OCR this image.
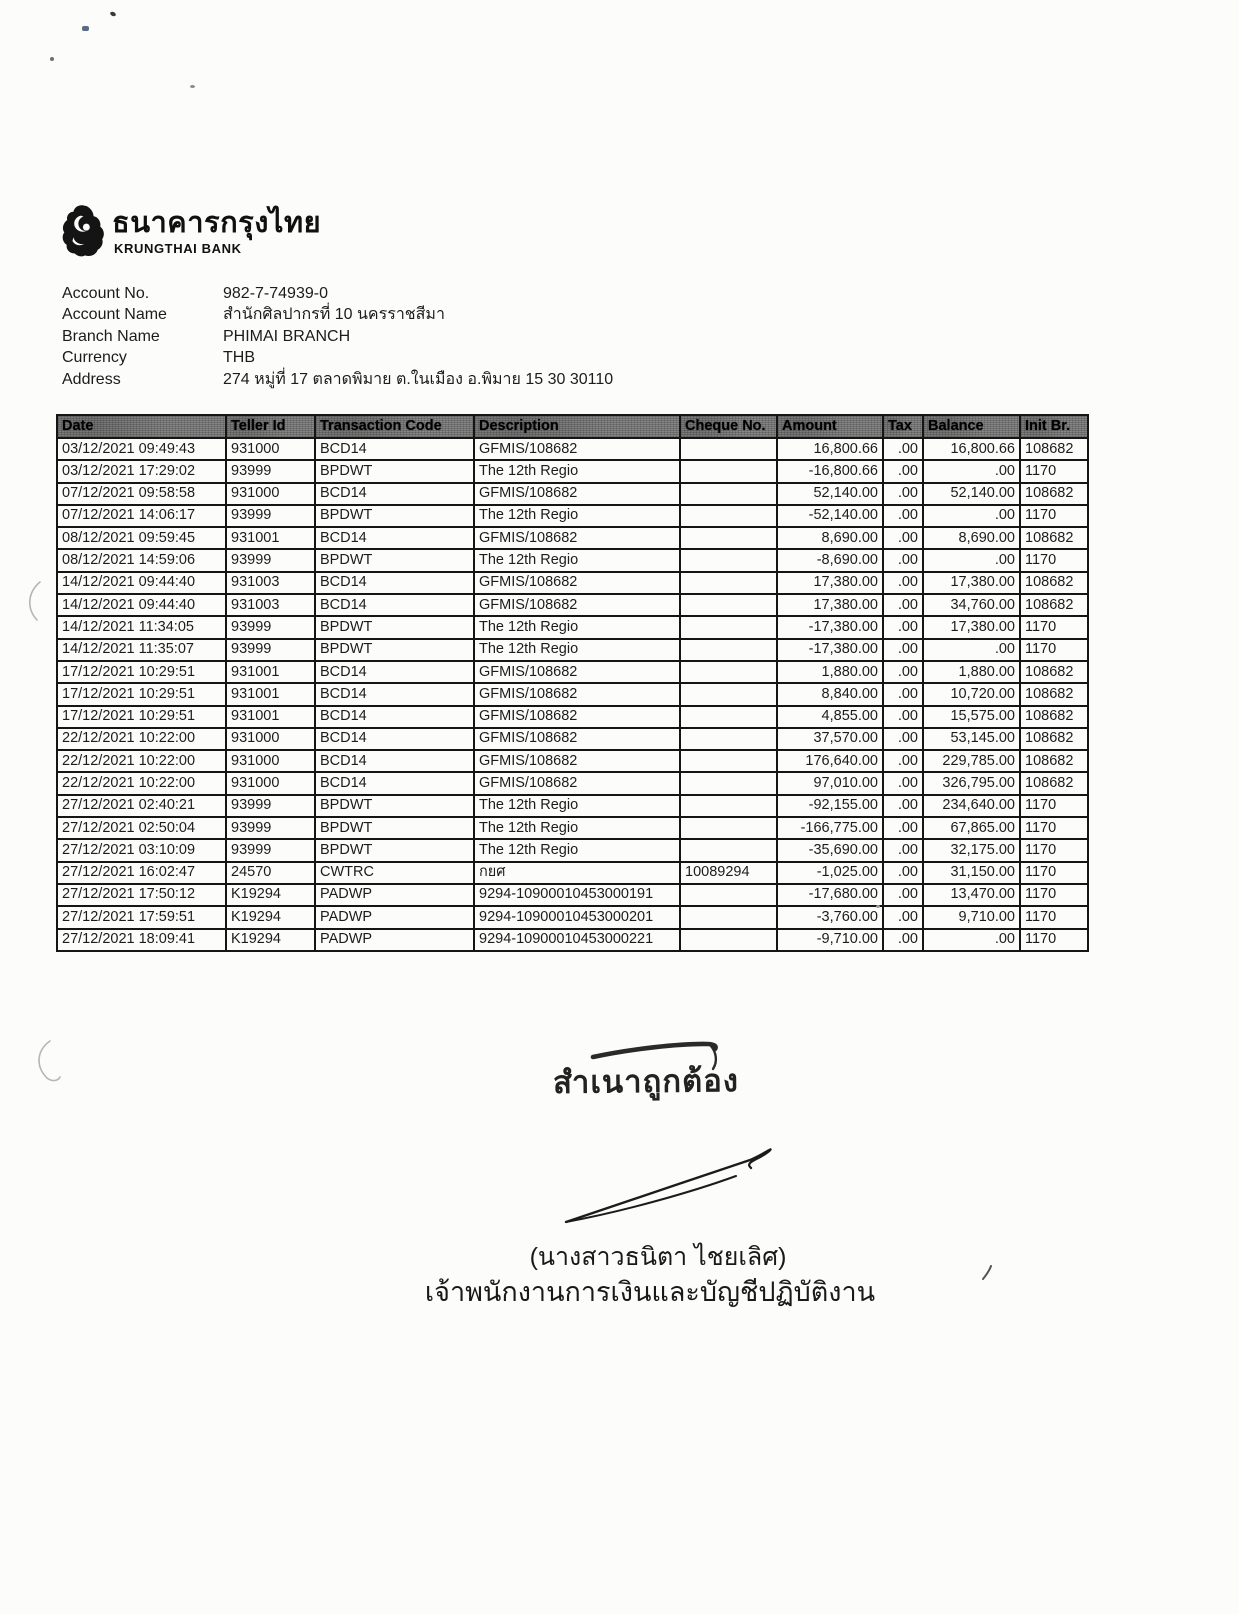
ธนาคารกรุงไทย
KRUNGTHAI BANK
Account No.	982-7-74939-0
Account Name	สำนักศิลปากรที่ 10 นครราชสีมา
Branch Name	PHIMAI BRANCH
Currency	THB
Address	274 หมู่ที่ 17 ตลาดพิมาย ต.ในเมือง อ.พิมาย 15 30 30110
Date	Teller Id	Transaction Code	Description	Cheque No.	Amount	Tax	Balance	Init Br.
03/12/2021 09:49:43	931000	BCD14	GFMIS/108682		16,800.66	.00	16,800.66	108682
03/12/2021 17:29:02	93999	BPDWT	The 12th Regio		-16,800.66	.00	.00	1170
07/12/2021 09:58:58	931000	BCD14	GFMIS/108682		52,140.00	.00	52,140.00	108682
07/12/2021 14:06:17	93999	BPDWT	The 12th Regio		-52,140.00	.00	.00	1170
08/12/2021 09:59:45	931001	BCD14	GFMIS/108682		8,690.00	.00	8,690.00	108682
08/12/2021 14:59:06	93999	BPDWT	The 12th Regio		-8,690.00	.00	.00	1170
14/12/2021 09:44:40	931003	BCD14	GFMIS/108682		17,380.00	.00	17,380.00	108682
14/12/2021 09:44:40	931003	BCD14	GFMIS/108682		17,380.00	.00	34,760.00	108682
14/12/2021 11:34:05	93999	BPDWT	The 12th Regio		-17,380.00	.00	17,380.00	1170
14/12/2021 11:35:07	93999	BPDWT	The 12th Regio		-17,380.00	.00	.00	1170
17/12/2021 10:29:51	931001	BCD14	GFMIS/108682		1,880.00	.00	1,880.00	108682
17/12/2021 10:29:51	931001	BCD14	GFMIS/108682		8,840.00	.00	10,720.00	108682
17/12/2021 10:29:51	931001	BCD14	GFMIS/108682		4,855.00	.00	15,575.00	108682
22/12/2021 10:22:00	931000	BCD14	GFMIS/108682		37,570.00	.00	53,145.00	108682
22/12/2021 10:22:00	931000	BCD14	GFMIS/108682		176,640.00	.00	229,785.00	108682
22/12/2021 10:22:00	931000	BCD14	GFMIS/108682		97,010.00	.00	326,795.00	108682
27/12/2021 02:40:21	93999	BPDWT	The 12th Regio		-92,155.00	.00	234,640.00	1170
27/12/2021 02:50:04	93999	BPDWT	The 12th Regio		-166,775.00	.00	67,865.00	1170
27/12/2021 03:10:09	93999	BPDWT	The 12th Regio		-35,690.00	.00	32,175.00	1170
27/12/2021 16:02:47	24570	CWTRC	กยศ	10089294	-1,025.00	.00	31,150.00	1170
27/12/2021 17:50:12	K19294	PADWP	9294-10900010453000191		-17,680.00	.00	13,470.00	1170
27/12/2021 17:59:51	K19294	PADWP	9294-10900010453000201		-3,760.00	.00	9,710.00	1170
27/12/2021 18:09:41	K19294	PADWP	9294-10900010453000221		-9,710.00	.00	.00	1170
สำเนาถูกต้อง
(นางสาวธนิตา ไชยเลิศ)
เจ้าพนักงานการเงินและบัญชีปฏิบัติงาน
